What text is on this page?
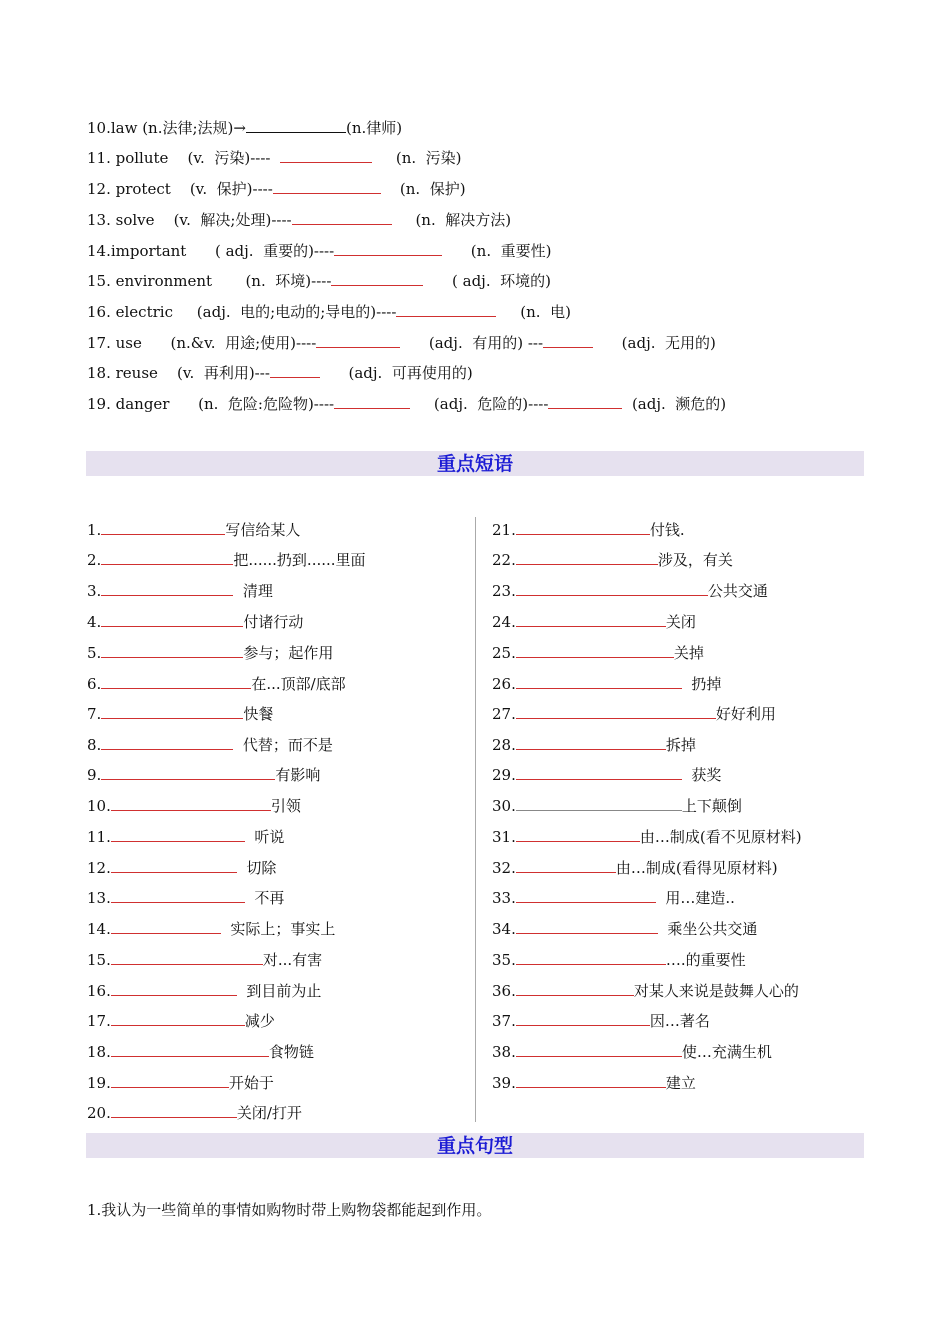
10.law (n.法律;法规)→	(n.律师)
11. pollute    (v.  污染)----	(n.  污染)
12. protect    (v.  保护)----	(n.  保护)
13. solve    (v.  解决;处理)----	(n.  解决方法)
14.important      ( adj.  重要的)----	(n.  重要性)
15. environment       (n.  环境)----	( adj.  环境的)
16. electric     (adj.  电的;电动的;导电的)----	(n.  电)
17. use      (n.&v.  用途;使用)----	(adj.  有用的) ---	(adj.  无用的)
18. reuse    (v.  再利用)---	(adj.  可再使用的)
19. danger      (n.  危险:危险物)----	(adj.  危险的)----	(adj.  濒危的)
重点短语
1.	写信给某人
2.	把......扔到......里面
3.	清理
4.	付诸行动
5.	参与；起作用
6.	在...顶部/底部
7.	快餐
8.	代替；而不是
9.	有影响
10.	引领
11.	听说
12.	切除
13.	不再
14.	实际上；事实上
15.	对...有害
16.	到目前为止
17.	减少
18.	食物链
19.	开始于
20.	关闭/打开
21.	付钱.
22.	涉及，有关
23.	公共交通
24.	关闭
25.	关掉
26.	扔掉
27.	好好利用
28.	拆掉
29.	获奖
30.	上下颠倒
31.	由…制成(看不见原材料)
32.	由…制成(看得见原材料)
33.	用…建造..
34.	乘坐公共交通
35.	….的重要性
36.	对某人来说是鼓舞人心的
37.	因…著名
38.	使…充满生机
39.	建立
重点句型
1.我认为一些简单的事情如购物时带上购物袋都能起到作用。
